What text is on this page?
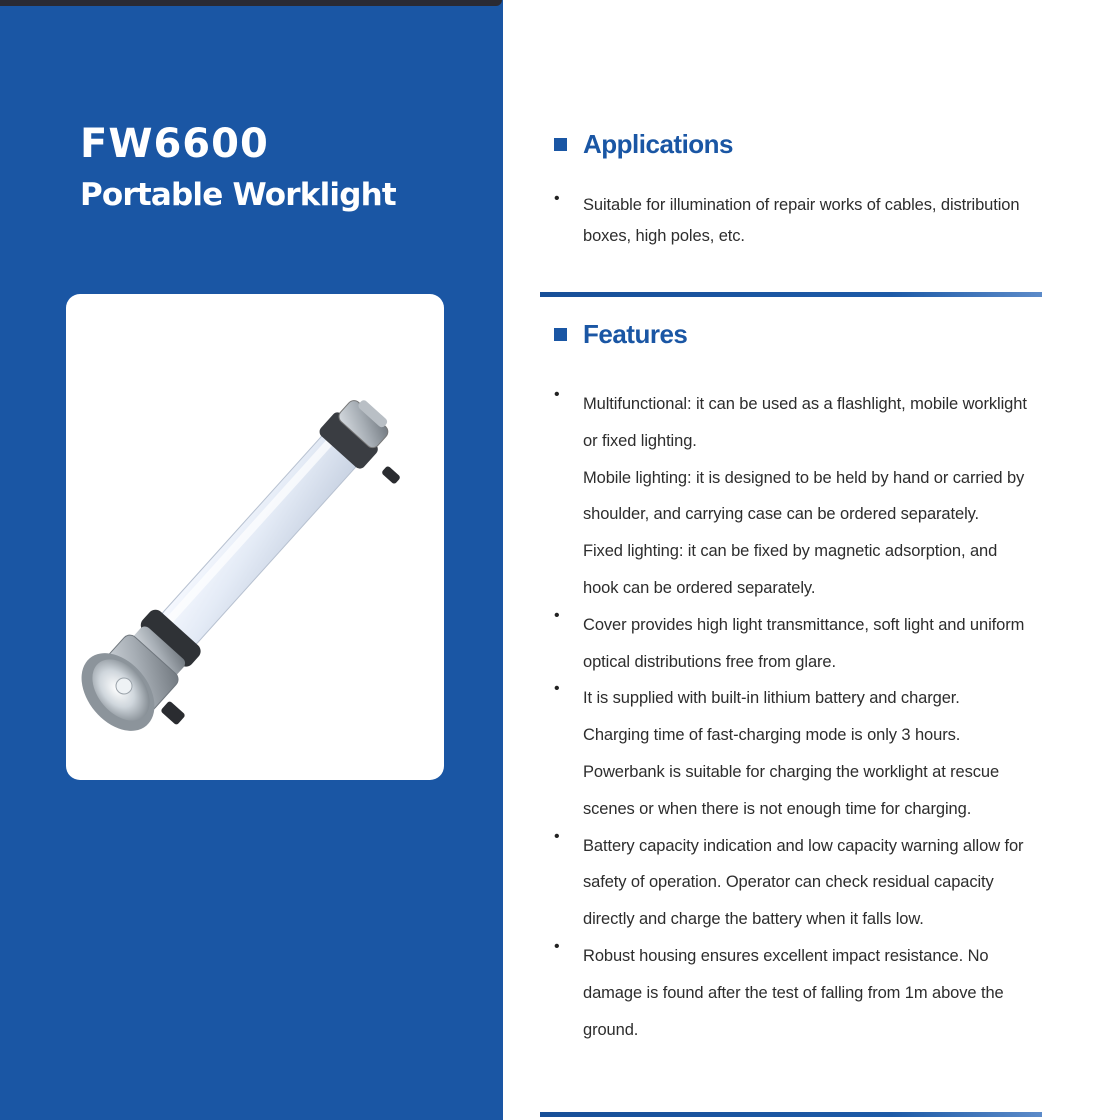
FW6600
Portable Worklight
Applications
• Suitable for illumination of repair works of cables, distribution
boxes, high poles, etc.
Features
•
Multifunctional: it can be used as a flashlight, mobile worklight
or fixed lighting.
Mobile lighting: it is designed to be held by hand or carried by
shoulder, and carrying case can be ordered separately.
Fixed lighting: it can be fixed by magnetic adsorption, and
hook can be ordered separately.
•
Cover provides high light transmittance, soft light and uniform
optical distributions free from glare.
•
It is supplied with built-in lithium battery and charger.
Charging time of fast-charging mode is only 3 hours.
Powerbank is suitable for charging the worklight at rescue
scenes or when there is not enough time for charging.
•
Battery capacity indication and low capacity warning allow for
safety of operation. Operator can check residual capacity
directly and charge the battery when it falls low.
•
Robust housing ensures excellent impact resistance. No
damage is found after the test of falling from 1m above the
ground.
